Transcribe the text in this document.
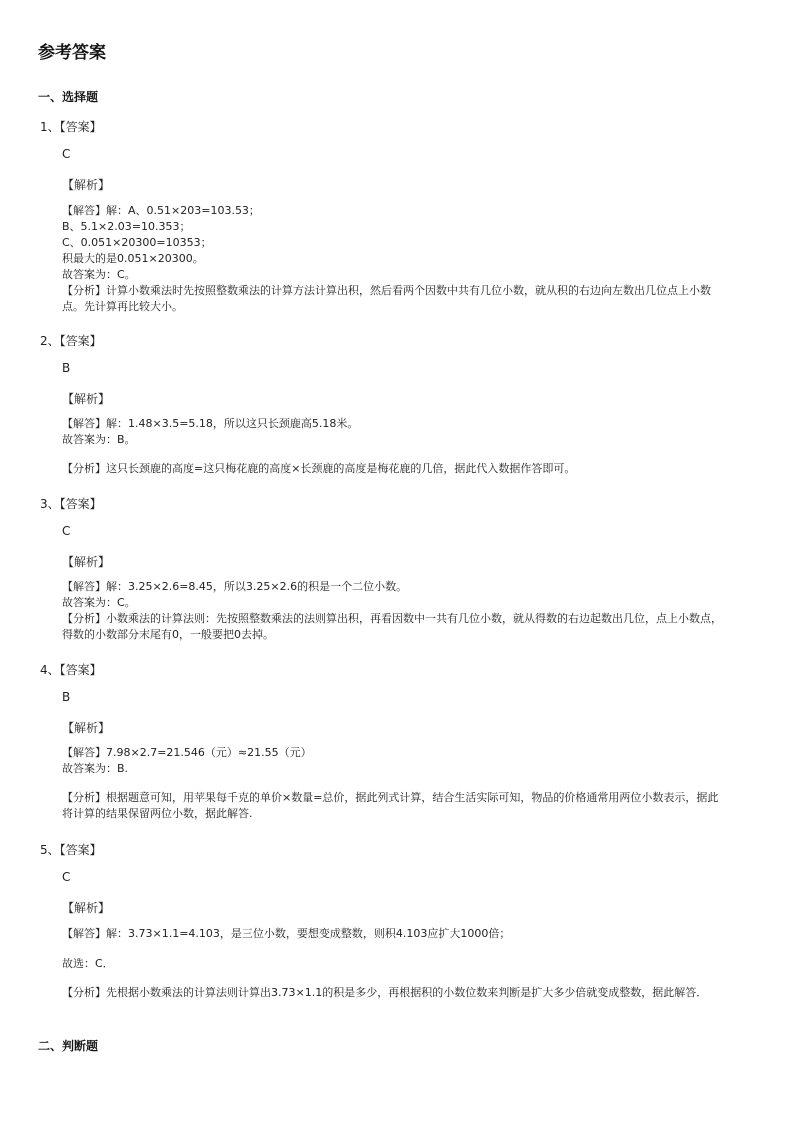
参考答案
一、选择题
1、【答案】
C
【解析】
【解答】解：A、0.51×203=103.53；
B、5.1×2.03=10.353；
C、0.051×20300=10353；
积最大的是0.051×20300。
故答案为：C。
【分析】计算小数乘法时先按照整数乘法的计算方法计算出积，然后看两个因数中共有几位小数，就从积的右边向左数出几位点上小数点。先计算再比较大小。
2、【答案】
B
【解析】
【解答】解：1.48×3.5=5.18，所以这只长颈鹿高5.18米。
故答案为：B。
【分析】这只长颈鹿的高度=这只梅花鹿的高度×长颈鹿的高度是梅花鹿的几倍，据此代入数据作答即可。
3、【答案】
C
【解析】
【解答】解：3.25×2.6=8.45，所以3.25×2.6的积是一个二位小数。
故答案为：C。
【分析】小数乘法的计算法则：先按照整数乘法的法则算出积，再看因数中一共有几位小数，就从得数的右边起数出几位，点上小数点，得数的小数部分末尾有0，一般要把0去掉。
4、【答案】
B
【解析】
【解答】7.98×2.7=21.546（元）≈21.55（元）
故答案为：B.
【分析】根据题意可知，用苹果每千克的单价×数量=总价，据此列式计算，结合生活实际可知，物品的价格通常用两位小数表示，据此将计算的结果保留两位小数，据此解答.
5、【答案】
C
【解析】
【解答】解：3.73×1.1=4.103，是三位小数，要想变成整数，则积4.103应扩大1000倍；
故选：C．
【分析】先根据小数乘法的计算法则计算出3.73×1.1的积是多少，再根据积的小数位数来判断是扩大多少倍就变成整数，据此解答．
二、判断题
